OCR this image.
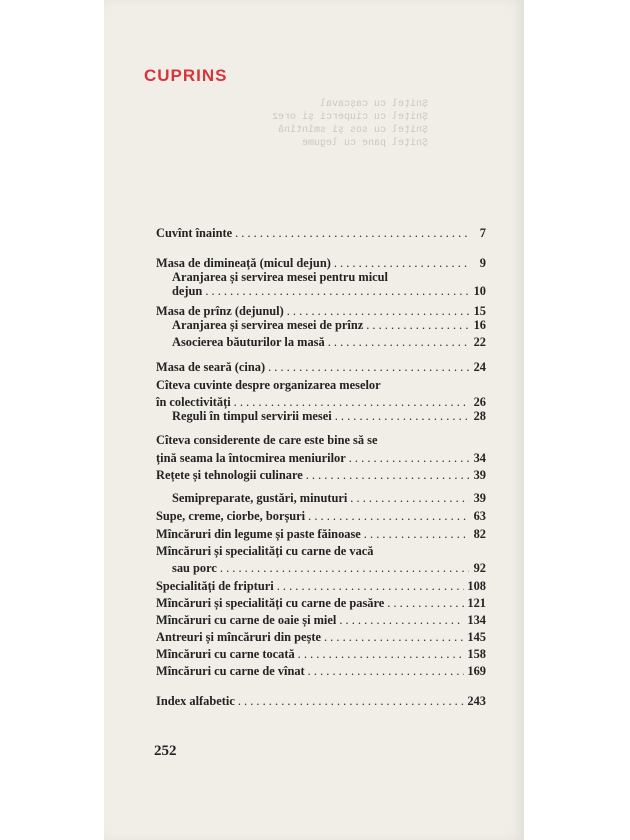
Șnițel cu cașcaval
Șnițel cu ciuperci și orez
Șnițel cu sos și smîntînă
Șnițel pane cu legume
CUPRINS
Cuvînt înainte . . .	7
Masa de dimineață (micul dejun) . . .	9
Aranjarea și servirea mesei pentru micul
dejun . . .	10
Masa de prînz (dejunul) . . .	15
Aranjarea și servirea mesei de prînz . . .	16
Asocierea băuturilor la masă . . .	22
Masa de seară (cina) . . .	24
Cîteva cuvinte despre organizarea meselor
în colectivități . . .	26
Reguli în timpul servirii mesei . . .	28
Cîteva considerente de care este bine să se
țină seama la întocmirea meniurilor . . .	34
Rețete și tehnologii culinare . . .	39
Semipreparate, gustări, minuturi . . .	39
Supe, creme, ciorbe, borșuri . . .	63
Mîncăruri din legume și paste făinoase . . .	82
Mîncăruri și specialități cu carne de vacă
sau porc . . .	92
Specialități de fripturi . . .	108
Mîncăruri și specialități cu carne de pasăre . . .	121
Mîncăruri cu carne de oaie și miel . . .	134
Antreuri și mîncăruri din pește . . .	145
Mîncăruri cu carne tocată . . .	158
Mîncăruri cu carne de vînat . . .	169
Index alfabetic . . .	243
252
